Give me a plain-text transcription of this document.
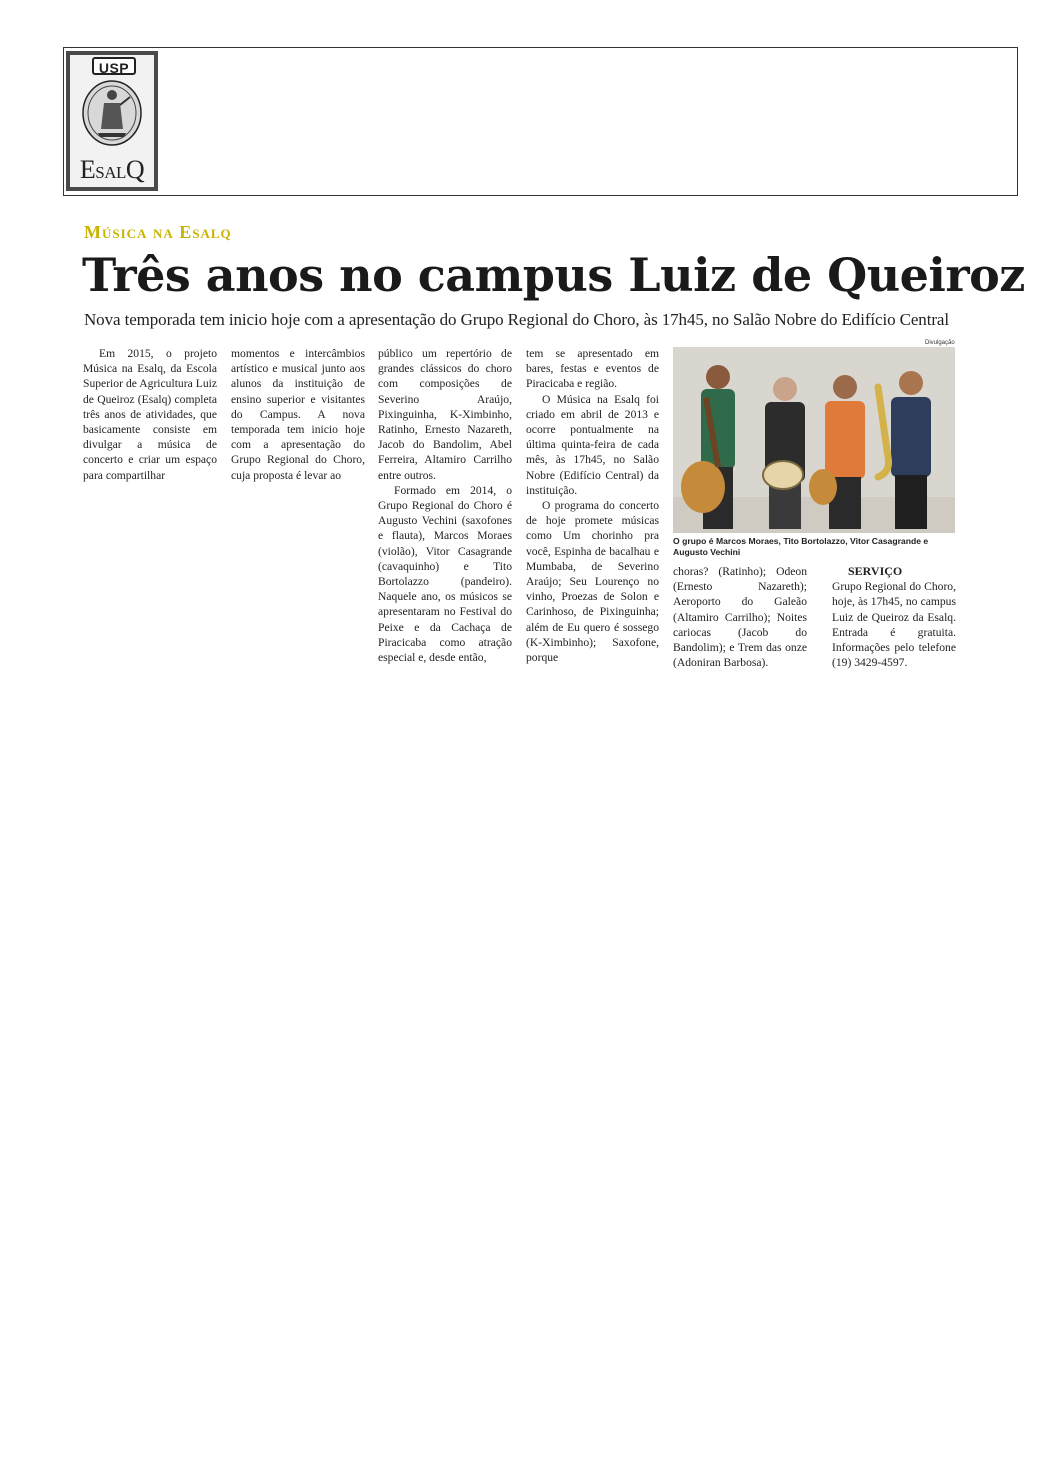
USP
ESALQ
Música na Esalq
Três anos no campus Luiz de Queiroz
Nova temporada tem inicio hoje com a apresentação do Grupo Regional do Choro, às 17h45, no Salão Nobre do Edifício Central

Em 2015, o projeto Música na Esalq, da Escola Superior de Agricultura Luiz de Queiroz (Esalq) completa três anos de atividades, que basicamente consiste em divulgar a música de concerto e criar um espaço para compartilhar

momentos e intercâmbios artístico e musical junto aos alunos da instituição de ensino superior e visitantes do Campus. A nova temporada tem inicio hoje com a apresentação do Grupo Regional do Choro, cuja proposta é levar ao

público um repertório de grandes clássicos do choro com composições de Severino Araújo, Pixinguinha, K-Ximbinho, Ratinho, Ernesto Nazareth, Jacob do Bandolim, Abel Ferreira, Altamiro Carrilho entre outros.

Formado em 2014, o Grupo Regional do Choro é Augusto Vechini (saxofones e flauta), Marcos Moraes (violão), Vitor Casagrande (cavaquinho) e Tito Bortolazzo (pandeiro). Naquele ano, os músicos se apresentaram no Festival do Peixe e da Cachaça de Piracicaba como atração especial e, desde então,

tem se apresentado em bares, festas e eventos de Piracicaba e região.

O Música na Esalq foi criado em abril de 2013 e ocorre pontualmente na última quinta-feira de cada mês, às 17h45, no Salão Nobre (Edifício Central) da instituição.

O programa do concerto de hoje promete músicas como Um chorinho pra você, Espinha de bacalhau e Mumbaba, de Severino Araújo; Seu Lourenço no vinho, Proezas de Solon e Carinhoso, de Pixinguinha; além de Eu quero é sossego (K-Ximbinho); Saxofone, porque

Divulgação
O grupo é Marcos Moraes, Tito Bortolazzo, Vitor Casagrande e Augusto Vechini

choras? (Ratinho); Odeon (Ernesto Nazareth); Aeroporto do Galeão (Altamiro Carrilho); Noites cariocas (Jacob do Bandolim); e Trem das onze (Adoniran Barbosa).

SERVIÇO

Grupo Regional do Choro, hoje, às 17h45, no campus Luiz de Queiroz da Esalq. Entrada é gratuita. Informações pelo telefone (19) 3429-4597.
